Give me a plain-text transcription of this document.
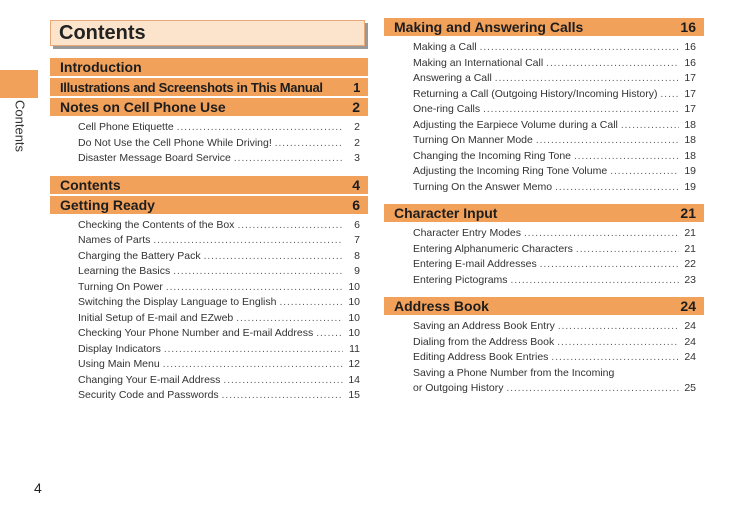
Contents
Contents
Introduction
Illustrations and Screenshots in This Manual 1
Notes on Cell Phone Use	2
Cell Phone Etiquette .....	2
Do Not Use the Cell Phone While Driving! .....	2
Disaster Message Board Service .....	3
Contents	4
Getting Ready	6
Checking the Contents of the Box .....	6
Names of Parts .....	7
Charging the Battery Pack .....	8
Learning the Basics .....	9
Turning On Power .....	10
Switching the Display Language to English .....	10
Initial Setup of E-mail and EZweb .....	10
Checking Your Phone Number and E-mail Address .....	10
Display Indicators .....	11
Using Main Menu .....	12
Changing Your E-mail Address .....	14
Security Code and Passwords .....	15
Making and Answering Calls	16
Making a Call .....	16
Making an International Call .....	16
Answering a Call .....	17
Returning a Call (Outgoing History/Incoming History) .....	17
One-ring Calls .....	17
Adjusting the Earpiece Volume during a Call .....	18
Turning On Manner Mode .....	18
Changing the Incoming Ring Tone .....	18
Adjusting the Incoming Ring Tone Volume .....	19
Turning On the Answer Memo .....	19
Character Input	21
Character Entry Modes .....	21
Entering Alphanumeric Characters .....	21
Entering E-mail Addresses .....	22
Entering Pictograms .....	23
Address Book	24
Saving an Address Book Entry .....	24
Dialing from the Address Book .....	24
Editing Address Book Entries .....	24
Saving a Phone Number from the Incoming
or Outgoing History .....	25
4
